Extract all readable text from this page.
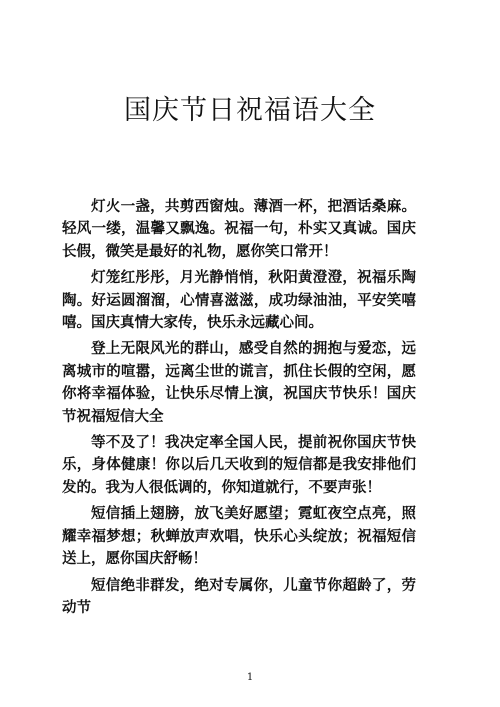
国庆节日祝福语大全

灯火一盏，共剪西窗烛。薄酒一杯，把酒话桑麻。轻风一缕，温馨又飘逸。祝福一句，朴实又真诚。国庆长假，微笑是最好的礼物，愿你笑口常开！

灯笼红彤彤，月光静悄悄，秋阳黄澄澄，祝福乐陶陶。好运圆溜溜，心情喜滋滋，成功绿油油，平安笑嘻嘻。国庆真情大家传，快乐永远藏心间。

登上无限风光的群山，感受自然的拥抱与爱恋，远离城市的喧嚣，远离尘世的谎言，抓住长假的空闲，愿你将幸福体验，让快乐尽情上演，祝国庆节快乐！国庆节祝福短信大全

等不及了！我决定率全国人民，提前祝你国庆节快乐，身体健康！你以后几天收到的短信都是我安排他们发的。我为人很低调的，你知道就行，不要声张！

短信插上翅膀，放飞美好愿望；霓虹夜空点亮，照耀幸福梦想；秋蝉放声欢唱，快乐心头绽放；祝福短信送上，愿你国庆舒畅！

短信绝非群发，绝对专属你，儿童节你超龄了，劳动节

1
